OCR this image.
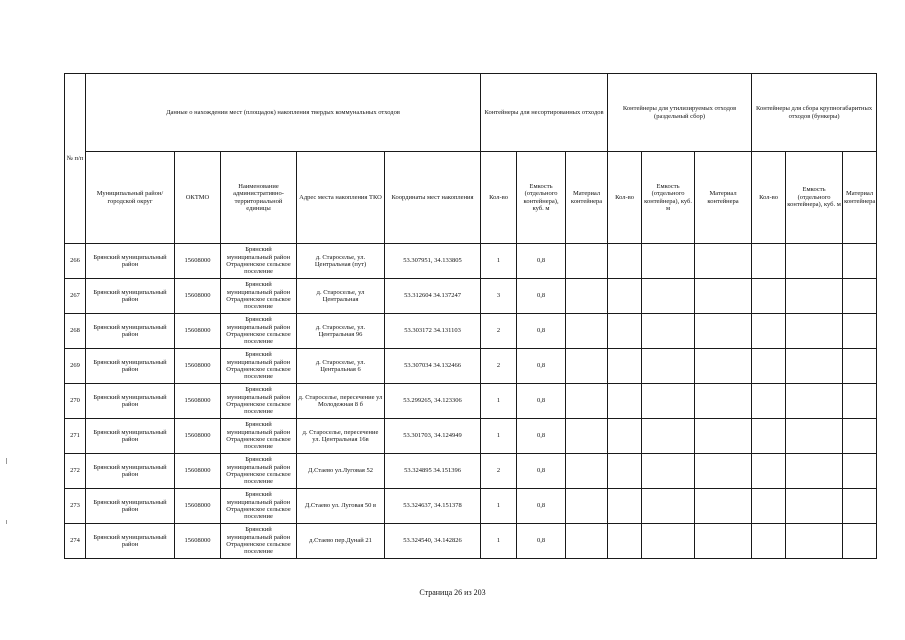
№ п/п	Данные о нахождении мест (площадок) накопления твердых коммунальных отходов					Контейнеры для несортированных отходов			Контейнеры для утилизируемых отходов (раздельный сбор)			Контейнеры для сбора крупногабаритных отходов (бункеры)		
	Муниципальный район/городской округ	ОКТМО	Наименование административно-территориальной единицы	Адрес места накопления ТКО	Координаты мест накопления	Кол-во	Емкость (отдельного контейнера), куб. м	Материал контейнера	Кол-во	Емкость (отдельного контейнера), куб. м	Материал контейнера	Кол-во	Емкость (отдельного контейнера), куб. м	Материал контейнера
266	Брянский муниципальный район	15608000	Брянский муниципальный район Отрадненское сельское поселение	д. Староселье, ул. Центральная (пут)	53.307951, 34.133805	1	0,8							
267	Брянский муниципальный район	15608000	Брянский муниципальный район Отрадненское сельское поселение	д. Староселье, ул Центральная	53.312604 34.137247	3	0,8							
268	Брянский муниципальный район	15608000	Брянский муниципальный район Отрадненское сельское поселение	д. Староселье, ул. Центральная 96	53.303172 34.131103	2	0,8							
269	Брянский муниципальный район	15608000	Брянский муниципальный район Отрадненское сельское поселение	д. Староселье, ул. Центральная 6	53.307034 34.132466	2	0,8							
270	Брянский муниципальный район	15608000	Брянский муниципальный район Отрадненское сельское поселение	д. Староселье, пересечение ул Молодежная 8 б	53.299265, 34.123306	1	0,8							
271	Брянский муниципальный район	15608000	Брянский муниципальный район Отрадненское сельское поселение	д. Староселье, пересечение ул. Центральная 16в	53.301703, 34.124949	1	0,8							
272	Брянский муниципальный район	15608000	Брянский муниципальный район Отрадненское сельское поселение	Д.Стаево ул.Луговая 52	53.324895 34.151396	2	0,8							
273	Брянский муниципальный район	15608000	Брянский муниципальный район Отрадненское сельское поселение	Д.Стаево ул. Луговая 50 в	53.324637, 34.151378	1	0,8							
274	Брянский муниципальный район	15608000	Брянский муниципальный район Отрадненское сельское поселение	д.Стаево пер.Дунай 21	53.324540, 34.142826	1	0,8							
Страница 26 из 203
